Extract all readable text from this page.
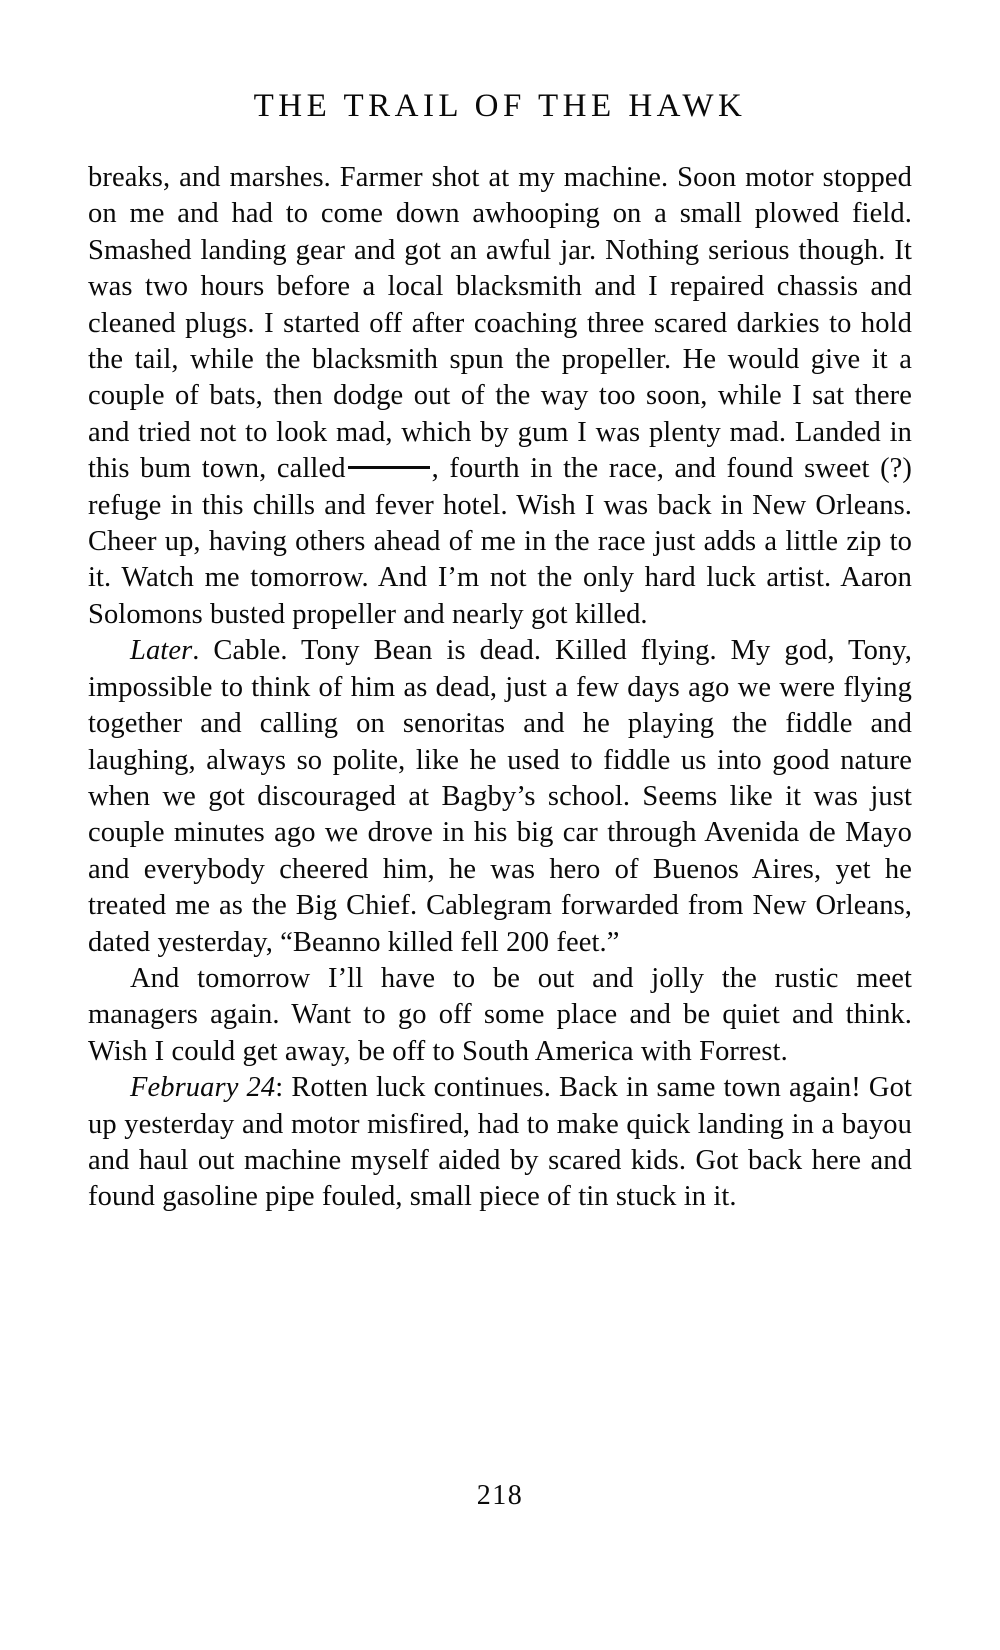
THE TRAIL OF THE HAWK

breaks, and marshes. Farmer shot at my machine. Soon motor stopped on me and had to come down awhooping on a small plowed field. Smashed landing gear and got an awful jar. Nothing serious though. It was two hours before a local blacksmith and I repaired chassis and cleaned plugs. I started off after coaching three scared darkies to hold the tail, while the blacksmith spun the propeller. He would give it a couple of bats, then dodge out of the way too soon, while I sat there and tried not to look mad, which by gum I was plenty mad. Landed in this bum town, called	, fourth in the race, and found sweet (?) refuge in this chills and fever hotel. Wish I was back in New Orleans. Cheer up, having others ahead of me in the race just adds a little zip to it. Watch me tomorrow. And I’m not the only hard luck artist. Aaron Solomons busted propeller and nearly got killed.

Later. Cable. Tony Bean is dead. Killed flying. My god, Tony, impossible to think of him as dead, just a few days ago we were flying together and calling on senoritas and he playing the fiddle and laughing, always so polite, like he used to fiddle us into good nature when we got discouraged at Bagby’s school. Seems like it was just couple minutes ago we drove in his big car through Avenida de Mayo and everybody cheered him, he was hero of Buenos Aires, yet he treated me as the Big Chief. Cablegram forwarded from New Orleans, dated yesterday, “Beanno killed fell 200 feet.”

And tomorrow I’ll have to be out and jolly the rustic meet managers again. Want to go off some place and be quiet and think. Wish I could get away, be off to South America with Forrest.

February 24: Rotten luck continues. Back in same town again! Got up yesterday and motor misfired, had to make quick landing in a bayou and haul out machine myself aided by scared kids. Got back here and found gasoline pipe fouled, small piece of tin stuck in it.

218
